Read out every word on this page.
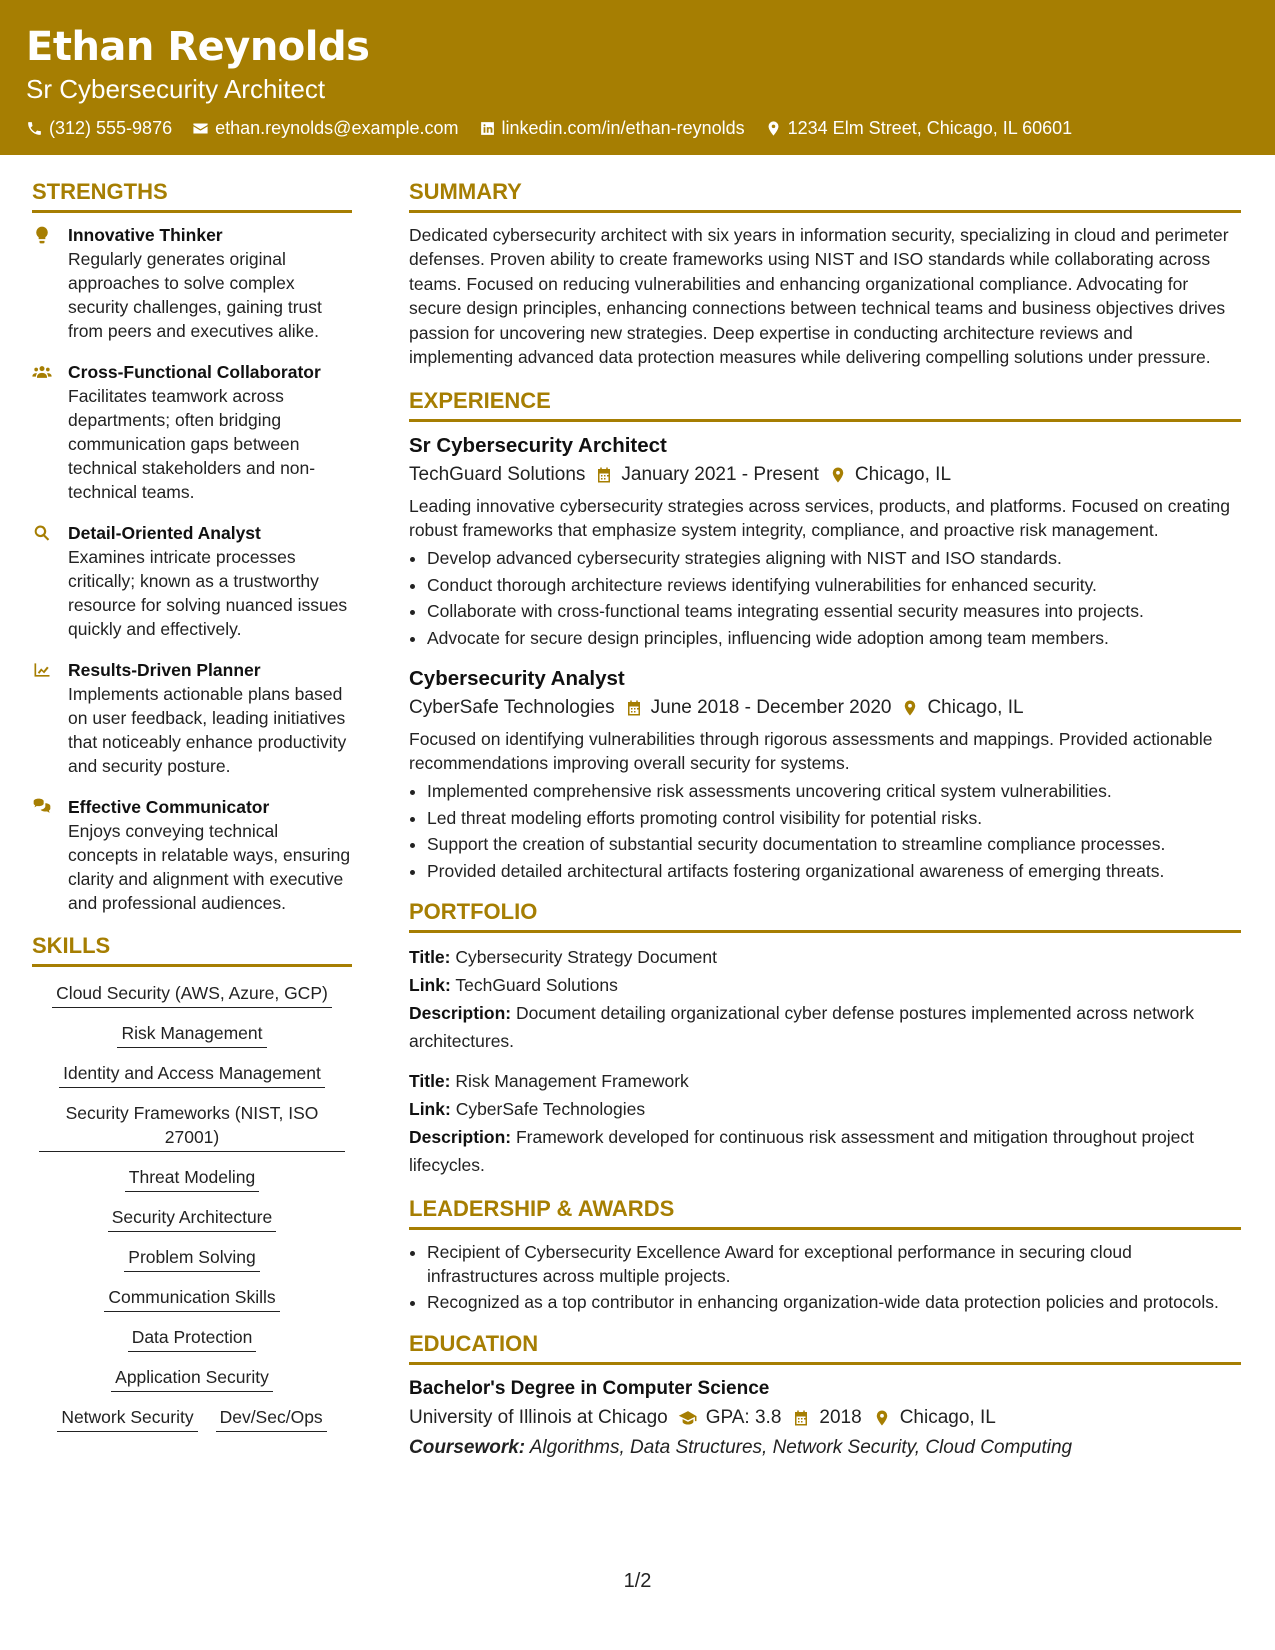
Ethan Reynolds
Sr Cybersecurity Architect
(312) 555-9876 ethan.reynolds@example.com linkedin.com/in/ethan-reynolds 1234 Elm Street, Chicago, IL 60601
STRENGTHS
Innovative Thinker
Regularly generates original approaches to solve complex security challenges, gaining trust from peers and executives alike.
Cross-Functional Collaborator
Facilitates teamwork across departments; often bridging communication gaps between technical stakeholders and non-technical teams.
Detail-Oriented Analyst
Examines intricate processes critically; known as a trustworthy resource for solving nuanced issues quickly and effectively.
Results-Driven Planner
Implements actionable plans based on user feedback, leading initiatives that noticeably enhance productivity and security posture.
Effective Communicator
Enjoys conveying technical concepts in relatable ways, ensuring clarity and alignment with executive and professional audiences.
SKILLS
Cloud Security (AWS, Azure, GCP)
Risk Management
Identity and Access Management
Security Frameworks (NIST, ISO 27001)
Threat Modeling
Security Architecture
Problem Solving
Communication Skills
Data Protection
Application Security
Network Security Dev/Sec/Ops
SUMMARY
Dedicated cybersecurity architect with six years in information security, specializing in cloud and perimeter defenses. Proven ability to create frameworks using NIST and ISO standards while collaborating across teams. Focused on reducing vulnerabilities and enhancing organizational compliance. Advocating for secure design principles, enhancing connections between technical teams and business objectives drives passion for uncovering new strategies. Deep expertise in conducting architecture reviews and implementing advanced data protection measures while delivering compelling solutions under pressure.
EXPERIENCE
Sr Cybersecurity Architect
TechGuard Solutions January 2021 - Present Chicago, IL
Leading innovative cybersecurity strategies across services, products, and platforms. Focused on creating robust frameworks that emphasize system integrity, compliance, and proactive risk management.
• Develop advanced cybersecurity strategies aligning with NIST and ISO standards.
• Conduct thorough architecture reviews identifying vulnerabilities for enhanced security.
• Collaborate with cross-functional teams integrating essential security measures into projects.
• Advocate for secure design principles, influencing wide adoption among team members.
Cybersecurity Analyst
CyberSafe Technologies June 2018 - December 2020 Chicago, IL
Focused on identifying vulnerabilities through rigorous assessments and mappings. Provided actionable recommendations improving overall security for systems.
• Implemented comprehensive risk assessments uncovering critical system vulnerabilities.
• Led threat modeling efforts promoting control visibility for potential risks.
• Support the creation of substantial security documentation to streamline compliance processes.
• Provided detailed architectural artifacts fostering organizational awareness of emerging threats.
PORTFOLIO
Title: Cybersecurity Strategy Document
Link: TechGuard Solutions
Description: Document detailing organizational cyber defense postures implemented across network architectures.
Title: Risk Management Framework
Link: CyberSafe Technologies
Description: Framework developed for continuous risk assessment and mitigation throughout project lifecycles.
LEADERSHIP & AWARDS
• Recipient of Cybersecurity Excellence Award for exceptional performance in securing cloud infrastructures across multiple projects.
• Recognized as a top contributor in enhancing organization-wide data protection policies and protocols.
EDUCATION
Bachelor's Degree in Computer Science
University of Illinois at Chicago GPA: 3.8 2018 Chicago, IL
Coursework: Algorithms, Data Structures, Network Security, Cloud Computing
1/2
